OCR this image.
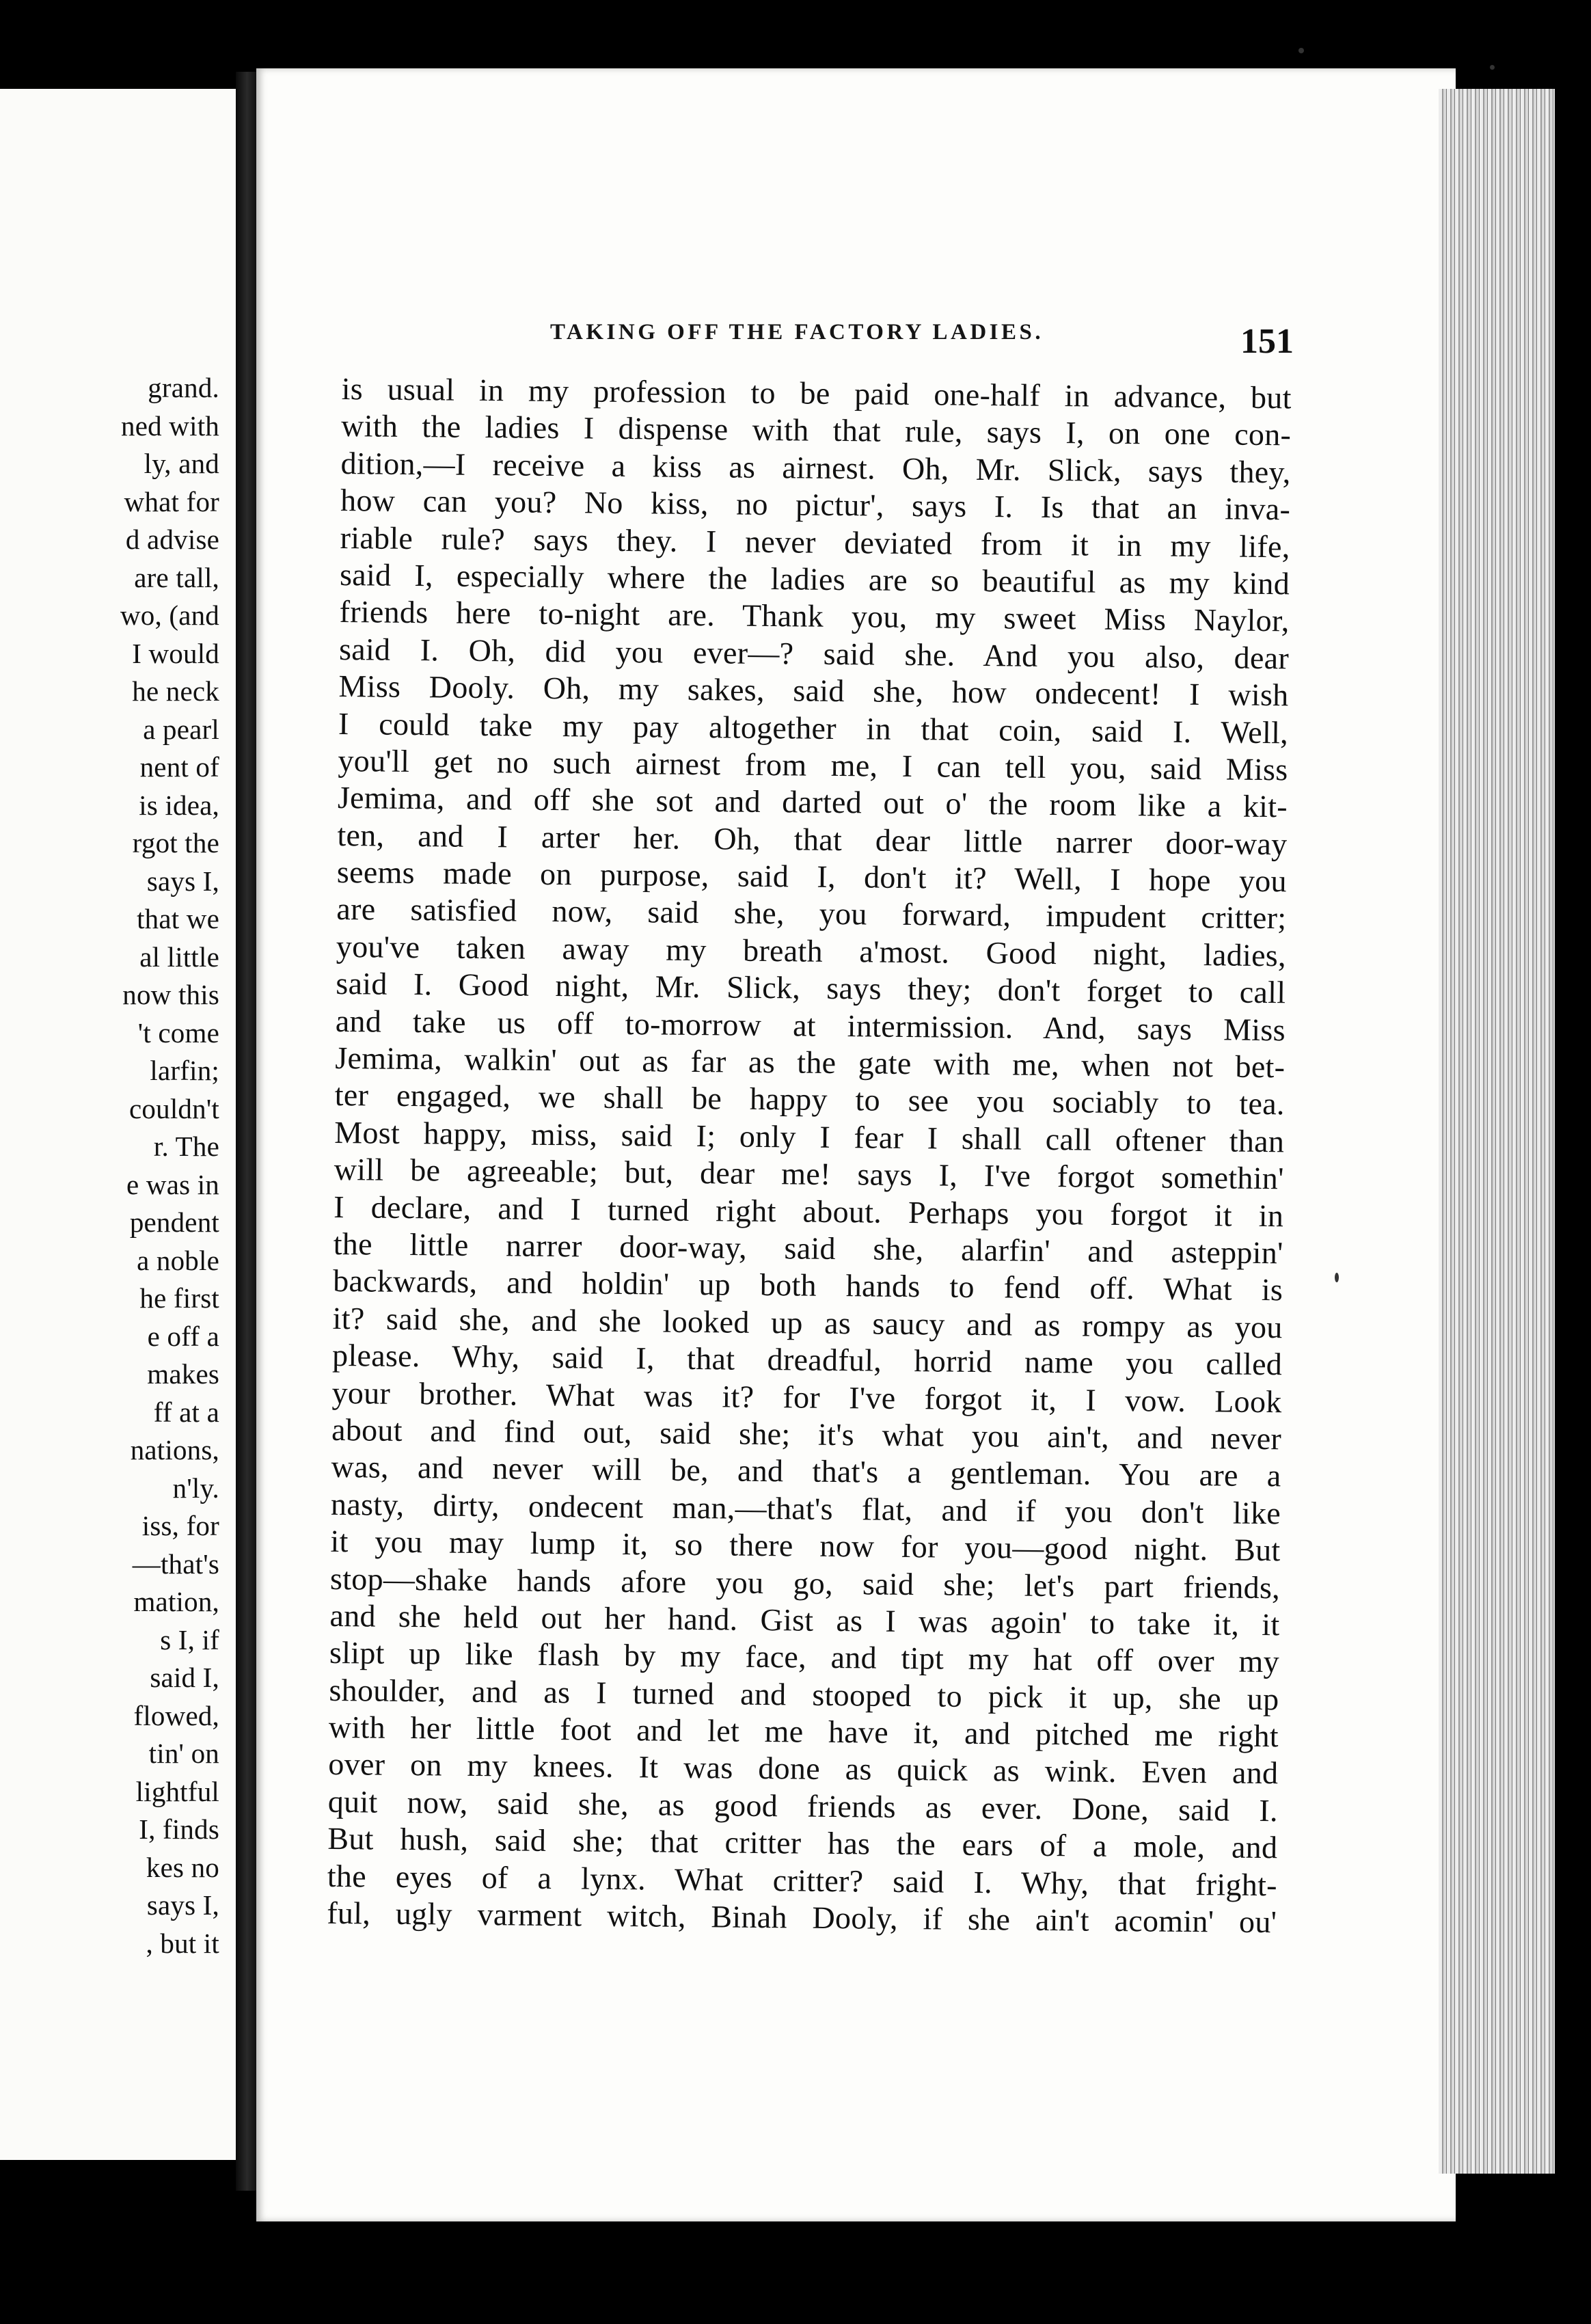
grand.
ned with
ly, and
what for
d advise
are tall,
wo, (and
I would
he neck
a pearl
nent of
is idea,
rgot the
says I,
that we
al little
now this
't come
larfin;
couldn't
r. The
e was in
pendent
a noble
he first
e off a
makes
ff at a
nations,
n'ly.
iss, for
—that's
mation,
s I, if
said I,
flowed,
tin' on
lightful
I, finds
kes no
says I,
, but it
TAKING OFF THE FACTORY LADIES.	151
is usual in my profession to be paid one-half in advance, but
with the ladies I dispense with that rule, says I, on one con-
dition,—I receive a kiss as airnest. Oh, Mr. Slick, says they,
how can you? No kiss, no pictur', says I. Is that an inva-
riable rule? says they. I never deviated from it in my life,
said I, especially where the ladies are so beautiful as my kind
friends here to-night are. Thank you, my sweet Miss Naylor,
said I. Oh, did you ever—? said she. And you also, dear
Miss Dooly. Oh, my sakes, said she, how ondecent! I wish
I could take my pay altogether in that coin, said I. Well,
you'll get no such airnest from me, I can tell you, said Miss
Jemima, and off she sot and darted out o' the room like a kit-
ten, and I arter her. Oh, that dear little narrer door-way
seems made on purpose, said I, don't it? Well, I hope you
are satisfied now, said she, you forward, impudent critter;
you've taken away my breath a'most. Good night, ladies,
said I. Good night, Mr. Slick, says they; don't forget to call
and take us off to-morrow at intermission. And, says Miss
Jemima, walkin' out as far as the gate with me, when not bet-
ter engaged, we shall be happy to see you sociably to tea.
Most happy, miss, said I; only I fear I shall call oftener than
will be agreeable; but, dear me! says I, I've forgot somethin'
I declare, and I turned right about. Perhaps you forgot it in
the little narrer door-way, said she, alarfin' and asteppin'
backwards, and holdin' up both hands to fend off. What is
it? said she, and she looked up as saucy and as rompy as you
please. Why, said I, that dreadful, horrid name you called
your brother. What was it? for I've forgot it, I vow. Look
about and find out, said she; it's what you ain't, and never
was, and never will be, and that's a gentleman. You are a
nasty, dirty, ondecent man,—that's flat, and if you don't like
it you may lump it, so there now for you—good night. But
stop—shake hands afore you go, said she; let's part friends,
and she held out her hand. Gist as I was agoin' to take it, it
slipt up like flash by my face, and tipt my hat off over my
shoulder, and as I turned and stooped to pick it up, she up
with her little foot and let me have it, and pitched me right
over on my knees. It was done as quick as wink. Even and
quit now, said she, as good friends as ever. Done, said I.
But hush, said she; that critter has the ears of a mole, and
the eyes of a lynx. What critter? said I. Why, that fright-
ful, ugly varment witch, Binah Dooly, if she ain't acomin' ou'
